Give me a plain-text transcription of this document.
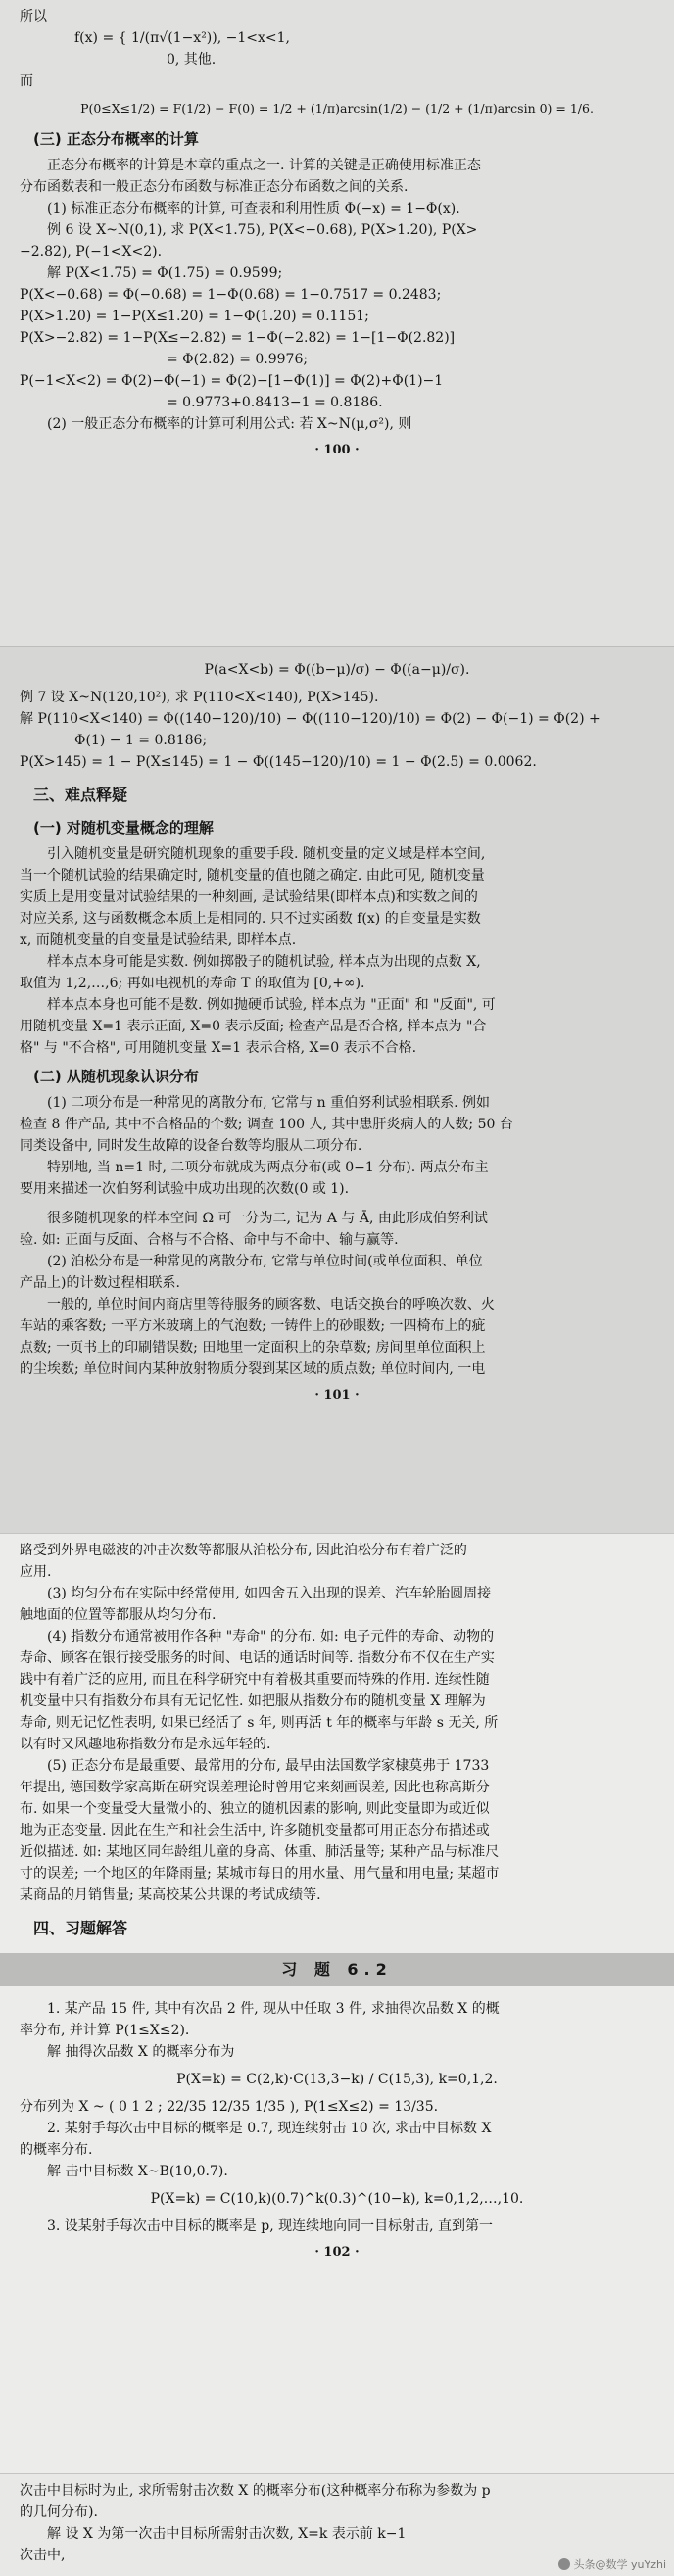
所以

f(x) = { 1/(π√(1−x²)), −1<x<1,

0, 其他.

而

P(0≤X≤1/2) = F(1/2) − F(0) = 1/2 + (1/π)arcsin(1/2) − (1/2 + (1/π)arcsin 0) = 1/6.

(三) 正态分布概率的计算

正态分布概率的计算是本章的重点之一. 计算的关键是正确使用标准正态

分布函数表和一般正态分布函数与标准正态分布函数之间的关系.

(1) 标准正态分布概率的计算, 可查表和利用性质 Φ(−x) = 1−Φ(x).

例 6 设 X~N(0,1), 求 P(X<1.75), P(X<−0.68), P(X>1.20), P(X>

−2.82), P(−1<X<2).

解 P(X<1.75) = Φ(1.75) = 0.9599;

P(X<−0.68) = Φ(−0.68) = 1−Φ(0.68) = 1−0.7517 = 0.2483;

P(X>1.20) = 1−P(X≤1.20) = 1−Φ(1.20) = 0.1151;

P(X>−2.82) = 1−P(X≤−2.82) = 1−Φ(−2.82) = 1−[1−Φ(2.82)]

= Φ(2.82) = 0.9976;

P(−1<X<2) = Φ(2)−Φ(−1) = Φ(2)−[1−Φ(1)] = Φ(2)+Φ(1)−1

= 0.9773+0.8413−1 = 0.8186.

(2) 一般正态分布概率的计算可利用公式: 若 X~N(μ,σ²), 则

· 100 ·

P(a<X<b) = Φ((b−μ)/σ) − Φ((a−μ)/σ).

例 7 设 X~N(120,10²), 求 P(110<X<140), P(X>145).

解 P(110<X<140) = Φ((140−120)/10) − Φ((110−120)/10) = Φ(2) − Φ(−1) = Φ(2) +

Φ(1) − 1 = 0.8186;

P(X>145) = 1 − P(X≤145) = 1 − Φ((145−120)/10) = 1 − Φ(2.5) = 0.0062.

三、难点释疑
(一) 对随机变量概念的理解

引入随机变量是研究随机现象的重要手段. 随机变量的定义域是样本空间,

当一个随机试验的结果确定时, 随机变量的值也随之确定. 由此可见, 随机变量

实质上是用变量对试验结果的一种刻画, 是试验结果(即样本点)和实数之间的

对应关系, 这与函数概念本质上是相同的. 只不过实函数 f(x) 的自变量是实数

x, 而随机变量的自变量是试验结果, 即样本点.

样本点本身可能是实数. 例如掷骰子的随机试验, 样本点为出现的点数 X,

取值为 1,2,…,6; 再如电视机的寿命 T 的取值为 [0,+∞).

样本点本身也可能不是数. 例如抛硬币试验, 样本点为 "正面" 和 "反面", 可

用随机变量 X=1 表示正面, X=0 表示反面; 检查产品是否合格, 样本点为 "合

格" 与 "不合格", 可用随机变量 X=1 表示合格, X=0 表示不合格.

(二) 从随机现象认识分布

(1) 二项分布是一种常见的离散分布, 它常与 n 重伯努利试验相联系. 例如

检查 8 件产品, 其中不合格品的个数; 调查 100 人, 其中患肝炎病人的人数; 50 台

同类设备中, 同时发生故障的设备台数等均服从二项分布.

特别地, 当 n=1 时, 二项分布就成为两点分布(或 0−1 分布). 两点分布主

要用来描述一次伯努利试验中成功出现的次数(0 或 1).

很多随机现象的样本空间 Ω 可一分为二, 记为 A 与 Ā, 由此形成伯努利试

验. 如: 正面与反面、合格与不合格、命中与不命中、输与赢等.

(2) 泊松分布是一种常见的离散分布, 它常与单位时间(或单位面积、单位

产品上)的计数过程相联系.

一般的, 单位时间内商店里等待服务的顾客数、电话交换台的呼唤次数、火

车站的乘客数; 一平方米玻璃上的气泡数; 一铸件上的砂眼数; 一四椅布上的疵

点数; 一页书上的印刷错误数; 田地里一定面积上的杂草数; 房间里单位面积上

的尘埃数; 单位时间内某种放射物质分裂到某区域的质点数; 单位时间内, 一电

· 101 ·

路受到外界电磁波的冲击次数等都服从泊松分布, 因此泊松分布有着广泛的

应用.

(3) 均匀分布在实际中经常使用, 如四舍五入出现的误差、汽车轮胎圆周接

触地面的位置等都服从均匀分布.

(4) 指数分布通常被用作各种 "寿命" 的分布. 如: 电子元件的寿命、动物的

寿命、顾客在银行接受服务的时间、电话的通话时间等. 指数分布不仅在生产实

践中有着广泛的应用, 而且在科学研究中有着极其重要而特殊的作用. 连续性随

机变量中只有指数分布具有无记忆性. 如把服从指数分布的随机变量 X 理解为

寿命, 则无记忆性表明, 如果已经活了 s 年, 则再活 t 年的概率与年龄 s 无关, 所

以有时又风趣地称指数分布是永远年轻的.

(5) 正态分布是最重要、最常用的分布, 最早由法国数学家棣莫弗于 1733

年提出, 德国数学家高斯在研究误差理论时曾用它来刻画误差, 因此也称高斯分

布. 如果一个变量受大量微小的、独立的随机因素的影响, 则此变量即为或近似

地为正态变量. 因此在生产和社会生活中, 许多随机变量都可用正态分布描述或

近似描述. 如: 某地区同年龄组儿童的身高、体重、肺活量等; 某种产品与标准尺

寸的误差; 一个地区的年降雨量; 某城市每日的用水量、用气量和用电量; 某超市

某商品的月销售量; 某高校某公共课的考试成绩等.

四、习题解答
习 题 6.2

1. 某产品 15 件, 其中有次品 2 件, 现从中任取 3 件, 求抽得次品数 X 的概

率分布, 并计算 P(1≤X≤2).

解 抽得次品数 X 的概率分布为

P(X=k) = C(2,k)·C(13,3−k) / C(15,3), k=0,1,2.

分布列为 X ~ ( 0 1 2 ; 22/35 12/35 1/35 ), P(1≤X≤2) = 13/35.

2. 某射手每次击中目标的概率是 0.7, 现连续射击 10 次, 求击中目标数 X

的概率分布.

解 击中目标数 X~B(10,0.7).

P(X=k) = C(10,k)(0.7)^k(0.3)^(10−k), k=0,1,2,…,10.

3. 设某射手每次击中目标的概率是 p, 现连续地向同一目标射击, 直到第一

· 102 ·

次击中目标时为止, 求所需射击次数 X 的概率分布(这种概率分布称为参数为 p

的几何分布).

解 设 X 为第一次击中目标所需射击次数, X=k 表示前 k−1

次击中,

头条@数学 yuYzhi
